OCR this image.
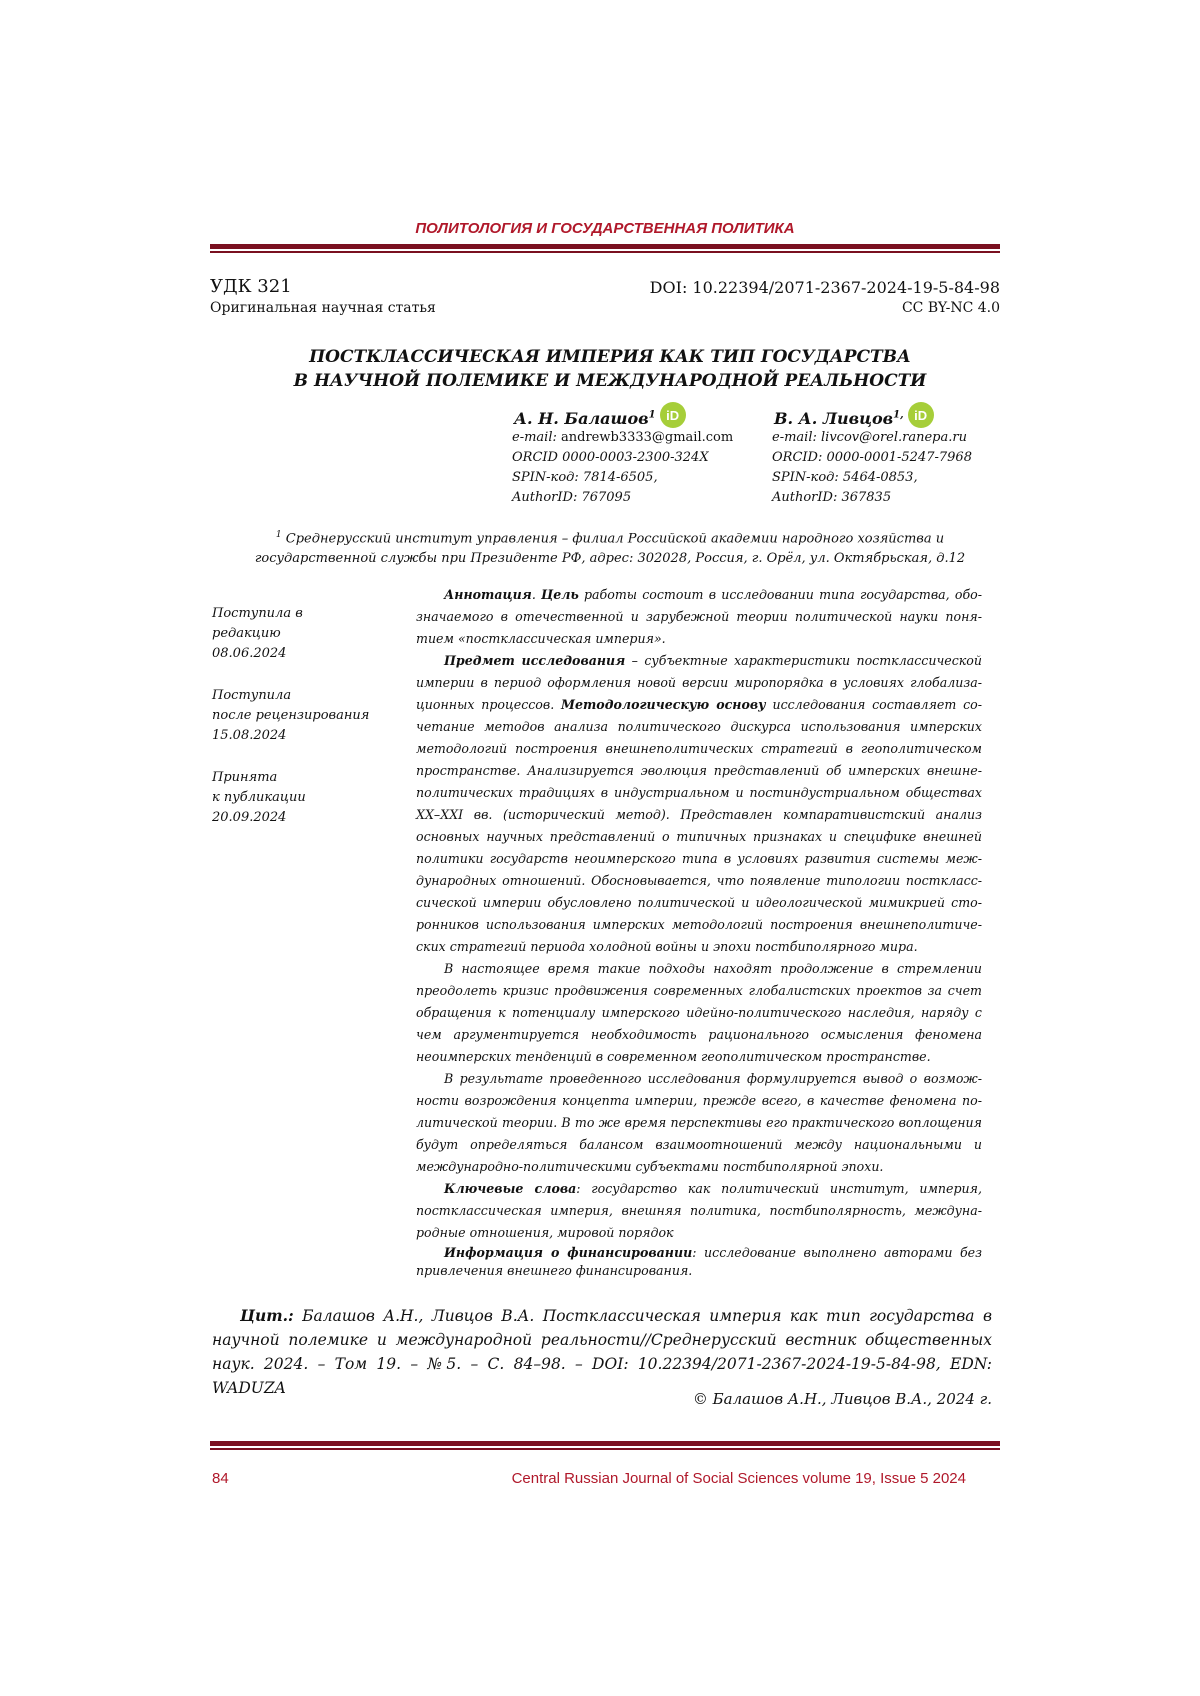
ПОЛИТОЛОГИЯ И ГОСУДАРСТВЕННАЯ ПОЛИТИКА
УДК 321	DOI: 10.22394/2071-2367-2024-19-5-84-98
Оригинальная научная статья	CC BY-NC 4.0
ПОСТКЛАССИЧЕСКАЯ ИМПЕРИЯ КАК ТИП ГОСУДАРСТВА
В НАУЧНОЙ ПОЛЕМИКЕ И МЕЖДУНАРОДНОЙ РЕАЛЬНОСТИ
А. Н. Балашов$^1$ iD
e-mail: andrewb3333@gmail.com
ORCID 0000-0003-2300-324X
SPIN-код: 7814-6505,
AuthorID: 767095
В. А. Ливцов$^{1,}$ iD
e-mail: livcov@orel.ranepa.ru
ORCID: 0000-0001-5247-7968
SPIN-код: 5464-0853,
AuthorID: 367835
$^1$ Среднерусский институт управления – филиал Российской академии народного хозяйства и
государственной службы при Президенте РФ, адрес: 302028, Россия, г. Орёл, ул. Октябрьская, д.12
Поступила в
редакцию
08.06.2024
Поступила
после рецензирования
15.08.2024
Принята
к публикации
20.09.2024

Аннотация. Цель работы состоит в исследовании типа государства, обо-значаемого в отечественной и зарубежной теории политической науки поня-тием «постклассическая империя».

Предмет исследования – субъектные характеристики постклассической империи в период оформления новой версии миропорядка в условиях глобализа-ционных процессов. Методологическую основу исследования составляет со-четание методов анализа политического дискурса использования имперских методологий построения внешнеполитических стратегий в геополитическом пространстве. Анализируется эволюция представлений об имперских внешне-политических традициях в индустриальном и постиндустриальном обществах XX–XXI вв. (исторический метод). Представлен компаративистский анализ основных научных представлений о типичных признаках и специфике внешней политики государств неоимперского типа в условиях развития системы меж-дународных отношений. Обосновывается, что появление типологии посткласс-сической империи обусловлено политической и идеологической мимикрией сто-ронников использования имперских методологий построения внешнеполитиче-ских стратегий периода холодной войны и эпохи постбиполярного мира.

В настоящее время такие подходы находят продолжение в стремлении преодолеть кризис продвижения современных глобалистских проектов за счет обращения к потенциалу имперского идейно-политического наследия, наряду с чем аргументируется необходимость рационального осмысления феномена неоимперских тенденций в современном геополитическом пространстве.

В результате проведенного исследования формулируется вывод о возмож-ности возрождения концепта империи, прежде всего, в качестве феномена по-литической теории. В то же время перспективы его практического воплощения будут определяться балансом взаимоотношений между национальными и международно-политическими субъектами постбиполярной эпохи.

Ключевые слова: государство как политический институт, империя, постклассическая империя, внешняя политика, постбиполярность, междуна-родные отношения, мировой порядок

Информация о финансировании: исследование выполнено авторами без привлечения внешнего финансирования.

Цит.: Балашов А.Н., Ливцов В.А. Постклассическая империя как тип государства в научной полемике и международной реальности//Среднерусский вестник общественных наук. 2024. – Том 19. – №5. – С. 84–98. – DOI: 10.22394/2071-2367-2024-19-5-84-98, EDN: WADUZA
© Балашов А.Н., Ливцов В.А., 2024 г.
84	Central Russian Journal of Social Sciences volume 19, Issue 5 2024
